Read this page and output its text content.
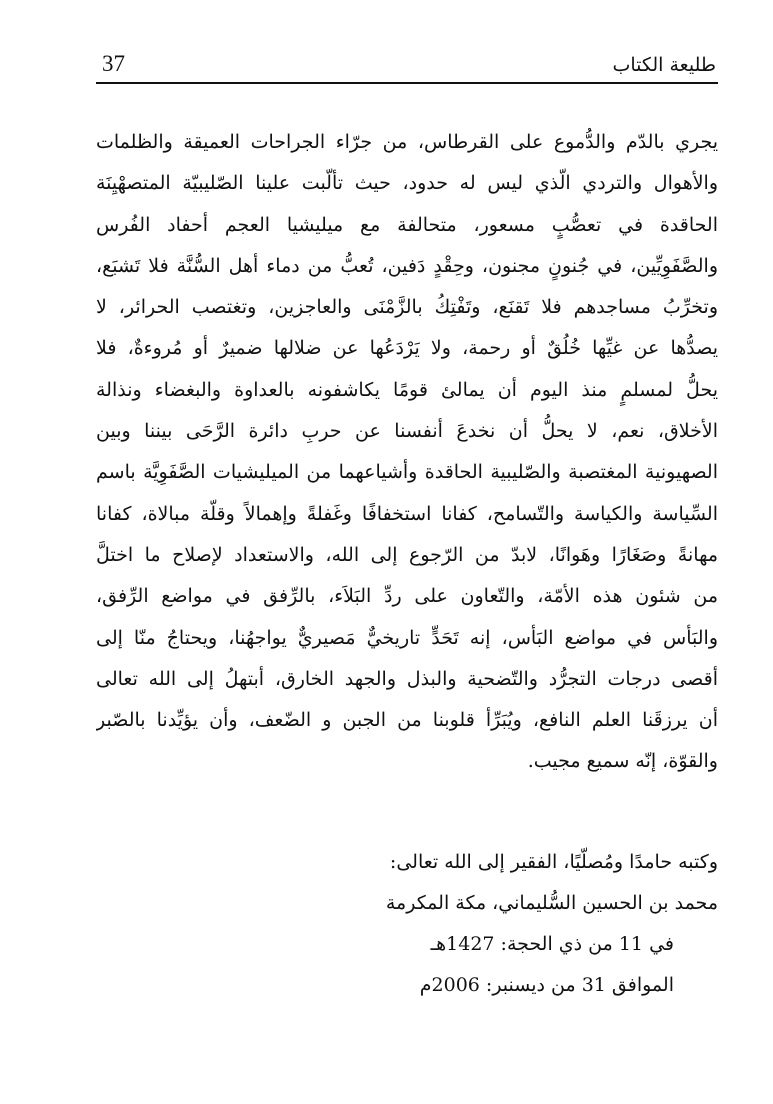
37	طليعة الكتاب
يجري بالدّم والدُّموع على القرطاس، من جرّاء الجراحات العميقة والظلمات
والأهوال والتردي الّذي ليس له حدود، حيث تألّبت علينا الصّليبيّة المتصهْيِنَة
الحاقدة في تعصُّبٍ مسعور، متحالفة مع ميليشيا العجم أحفاد الفُرس
والصَّفَوِيِّين، في جُنونٍ مجنون، وحِقْدٍ دَفين، تُعبُّ من دماء أهل السُّنَّة فلا تَشبَع،
وتخرِّبُ مساجدهم فلا تَقنَع، وتَفْتِكُ بالزَّمْنَى والعاجزين، وتغتصب الحرائر، لا
يصدُّها عن غيِّها خُلُقٌ أو رحمة، ولا يَرْدَعُها عن ضلالها ضميرٌ أو مُروءةٌ، فلا
يحلُّ لمسلمٍ منذ اليوم أن يمالئ قومًا يكاشفونه بالعداوة والبغضاء ونذالة
الأخلاق، نعم، لا يحلُّ أن نخدعَ أنفسنا عن حربِ دائرة الرَّحَى بيننا وبين
الصهيونية المغتصبة والصّليبية الحاقدة وأشياعهما من الميليشيات الصَّفَوِيَّة باسم
السِّياسة والكياسة والتّسامح، كفانا استخفافًا وغَفلةً وإهمالاً وقلّة مبالاة، كفانا
مهانةً وصَغَارًا وهَوانًا، لابدّ من الرّجوع إلى الله، والاستعداد لإصلاح ما اختلَّ
من شئون هذه الأمّة، والتّعاون على ردِّ البَلاَء، بالرِّفق في مواضع الرِّفق،
والبَأس في مواضع البَأس، إنه تَحَدٍّ تاريخيٌّ مَصيريٌّ يواجهُنا، ويحتاجُ منّا إلى
أقصى درجات التجرُّد والتّضحية والبذل والجهد الخارق، أبتهلُ إلى الله تعالى
أن يرزقَنا العلم النافع، ويُبَرِّأ قلوبنا من الجبن و الضّعف، وأن يؤيِّدنا بالصّبر
والقوّة، إنّه سميع مجيب.
وكتبه حامدًا ومُصلّيًا، الفقير إلى الله تعالى:
محمد بن الحسين السُّليماني، مكة المكرمة
في 11 من ذي الحجة: 1427هـ
الموافق 31 من ديسنبر: 2006م
